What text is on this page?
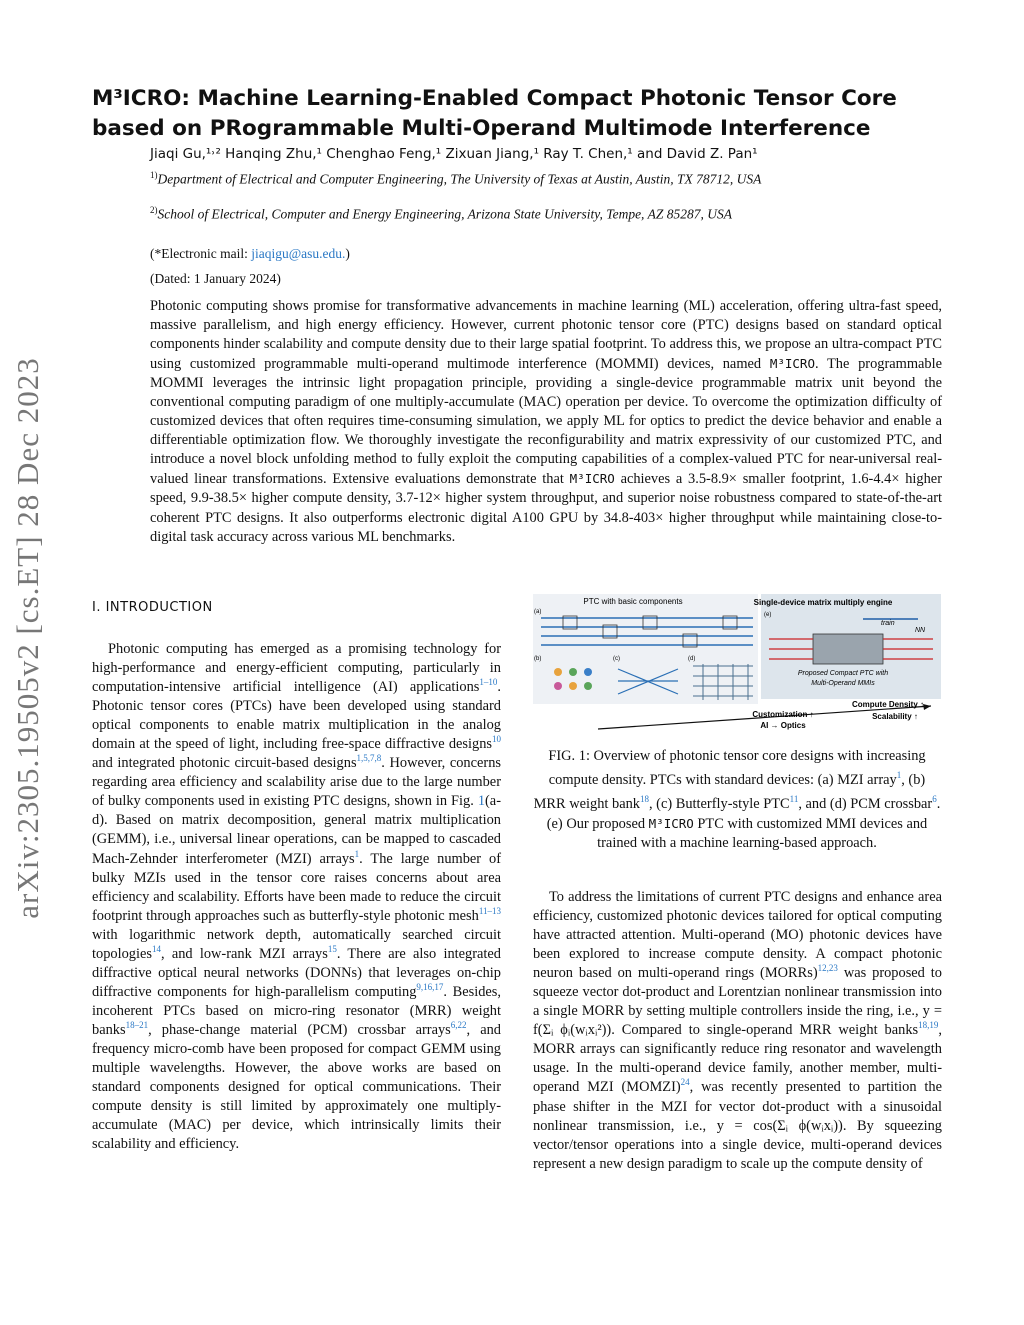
arXiv:2305.19505v2 [cs.ET] 28 Dec 2023
M³ICRO: Machine Learning-Enabled Compact Photonic Tensor Core
based on PRogrammable Multi-Operand Multimode Interference
Jiaqi Gu,¹˒² Hanqing Zhu,¹ Chenghao Feng,¹ Zixuan Jiang,¹ Ray T. Chen,¹ and David Z. Pan¹
$^{1)}$Department of Electrical and Computer Engineering, The University of Texas at Austin, Austin, TX 78712, USA
$^{2)}$School of Electrical, Computer and Energy Engineering, Arizona State University, Tempe, AZ 85287, USA
(*Electronic mail: jiaqigu@asu.edu.)
(Dated: 1 January 2024)
Photonic computing shows promise for transformative advancements in machine learning (ML) acceleration, offering ultra-fast speed, massive parallelism, and high energy efficiency. However, current photonic tensor core (PTC) designs based on standard optical components hinder scalability and compute density due to their large spatial footprint. To address this, we propose an ultra-compact PTC using customized programmable multi-operand multimode interference (MOMMI) devices, named M³ICRO. The programmable MOMMI leverages the intrinsic light propagation principle, providing a single-device programmable matrix unit beyond the conventional computing paradigm of one multiply-accumulate (MAC) operation per device. To overcome the optimization difficulty of customized devices that often requires time-consuming simulation, we apply ML for optics to predict the device behavior and enable a differentiable optimization flow. We thoroughly investigate the reconfigurability and matrix expressivity of our customized PTC, and introduce a novel block unfolding method to fully exploit the computing capabilities of a complex-valued PTC for near-universal real-valued linear transformations. Extensive evaluations demonstrate that M³ICRO achieves a 3.5-8.9× smaller footprint, 1.6-4.4× higher speed, 9.9-38.5× higher compute density, 3.7-12× higher system throughput, and superior noise robustness compared to state-of-the-art coherent PTC designs. It also outperforms electronic digital A100 GPU by 34.8-403× higher throughput while maintaining close-to-digital task accuracy across various ML benchmarks.
I. INTRODUCTION

Photonic computing has emerged as a promising technology for high-performance and energy-efficient computing, particularly in computation-intensive artificial intelligence (AI) applications$^{1-10}$. Photonic tensor cores (PTCs) have been developed using standard optical components to enable matrix multiplication in the analog domain at the speed of light, including free-space diffractive designs$^{10}$ and integrated photonic circuit-based designs$^{1,5,7,8}$. However, concerns regarding area efficiency and scalability arise due to the large number of bulky components used in existing PTC designs, shown in Fig. 1(a-d). Based on matrix decomposition, general matrix multiplication (GEMM), i.e., universal linear operations, can be mapped to cascaded Mach-Zehnder interferometer (MZI) arrays$^1$. The large number of bulky MZIs used in the tensor core raises concerns about area efficiency and scalability. Efforts have been made to reduce the circuit footprint through approaches such as butterfly-style photonic mesh$^{11-13}$ with logarithmic network depth, automatically searched circuit topologies$^{14}$, and low-rank MZI arrays$^{15}$. There are also integrated diffractive optical neural networks (DONNs) that leverages on-chip diffractive components for high-parallelism computing$^{9,16,17}$. Besides, incoherent PTCs based on micro-ring resonator (MRR) weight banks$^{18-21}$, phase-change material (PCM) crossbar arrays$^{6,22}$, and frequency micro-comb have been proposed for compact GEMM using multiple wavelengths. However, the above works are based on standard components designed for optical communications. Their compute density is still limited by approximately one multiply-accumulate (MAC) per device, which intrinsically limits their scalability and efficiency.

PTC with basic components	Single-device matrix multiply engine
(a)
(b)	(c)	(d)
(e)
train
NN
Proposed Compact PTC with
Multi-Operand MMIs
Customization ↑
AI → Optics
Compute Density ↑
Scalability ↑
FIG. 1: Overview of photonic tensor core designs with increasing compute density. PTCs with standard devices: (a) MZI array$^1$, (b) MRR weight bank$^{18}$, (c) Butterfly-style PTC$^{11}$, and (d) PCM crossbar$^6$. (e) Our proposed M³ICRO PTC with customized MMI devices and trained with a machine learning-based approach.

To address the limitations of current PTC designs and enhance area efficiency, customized photonic devices tailored for optical computing have attracted attention. Multi-operand (MO) photonic devices have been explored to increase compute density. A compact photonic neuron based on multi-operand rings (MORRs)$^{12,23}$ was proposed to squeeze vector dot-product and Lorentzian nonlinear transmission into a single MORR by setting multiple controllers inside the ring, i.e., y = f(Σᵢ ϕᵢ(wᵢxᵢ²)). Compared to single-operand MRR weight banks$^{18,19}$, MORR arrays can significantly reduce ring resonator and wavelength usage. In the multi-operand device family, another member, multi-operand MZI (MOMZI)$^{24}$, was recently presented to partition the phase shifter in the MZI for vector dot-product with a sinusoidal nonlinear transmission, i.e., y = cos(Σᵢ ϕ(wᵢxᵢ)). By squeezing vector/tensor operations into a single device, multi-operand devices represent a new design paradigm to scale up the compute density of
